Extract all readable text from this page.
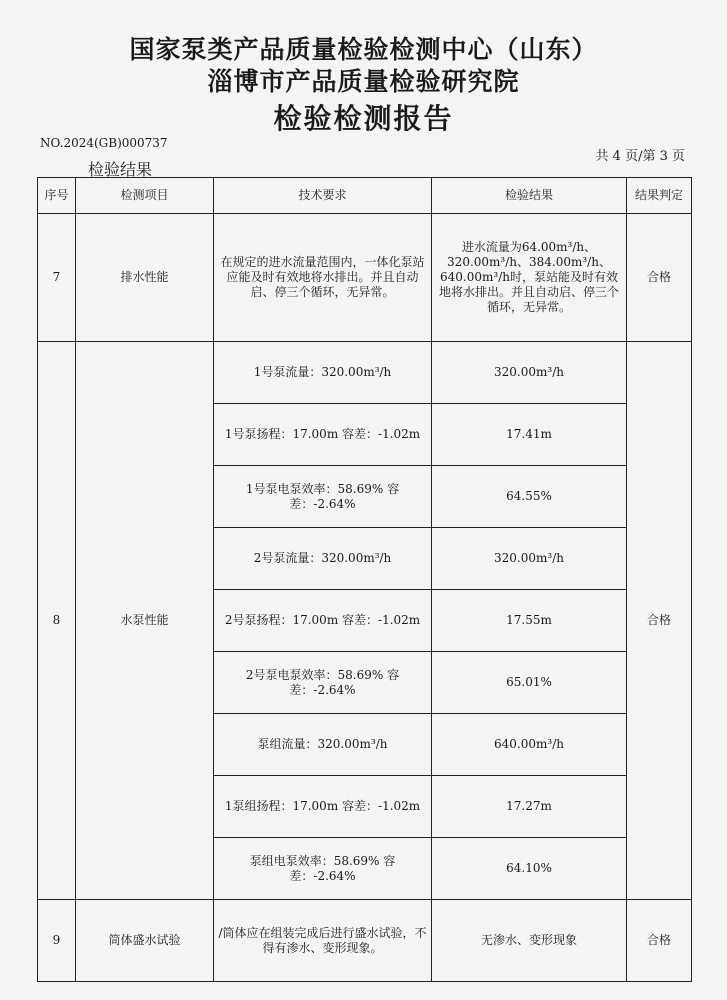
国家泵类产品质量检验检测中心（山东）
淄博市产品质量检验研究院
检验检测报告
NO.2024(GB)000737
共 4 页/第 3 页
检验结果
序号	检测项目	技术要求	检验结果	结果判定
7	排水性能	在规定的进水流量范围内，一体化泵站应能及时有效地将水排出。并且自动启、停三个循环，无异常。	进水流量为64.00m³/h、320.00m³/h、384.00m³/h、640.00m³/h时，泵站能及时有效地将水排出。并且自动启、停三个循环，无异常。	合格
8	水泵性能	1号泵流量：320.00m³/h	320.00m³/h	合格
		1号泵扬程：17.00m 容差：-1.02m	17.41m	
		1号泵电泵效率：58.69% 容差：-2.64%	64.55%	
		2号泵流量：320.00m³/h	320.00m³/h	
		2号泵扬程：17.00m 容差：-1.02m	17.55m	
		2号泵电泵效率：58.69% 容差：-2.64%	65.01%	
		泵组流量：320.00m³/h	640.00m³/h	
		1泵组扬程：17.00m 容差：-1.02m	17.27m	
		泵组电泵效率：58.69% 容差：-2.64%	64.10%	
9	筒体盛水试验	/筒体应在组装完成后进行盛水试验，不得有渗水、变形现象。	无渗水、变形现象	合格
